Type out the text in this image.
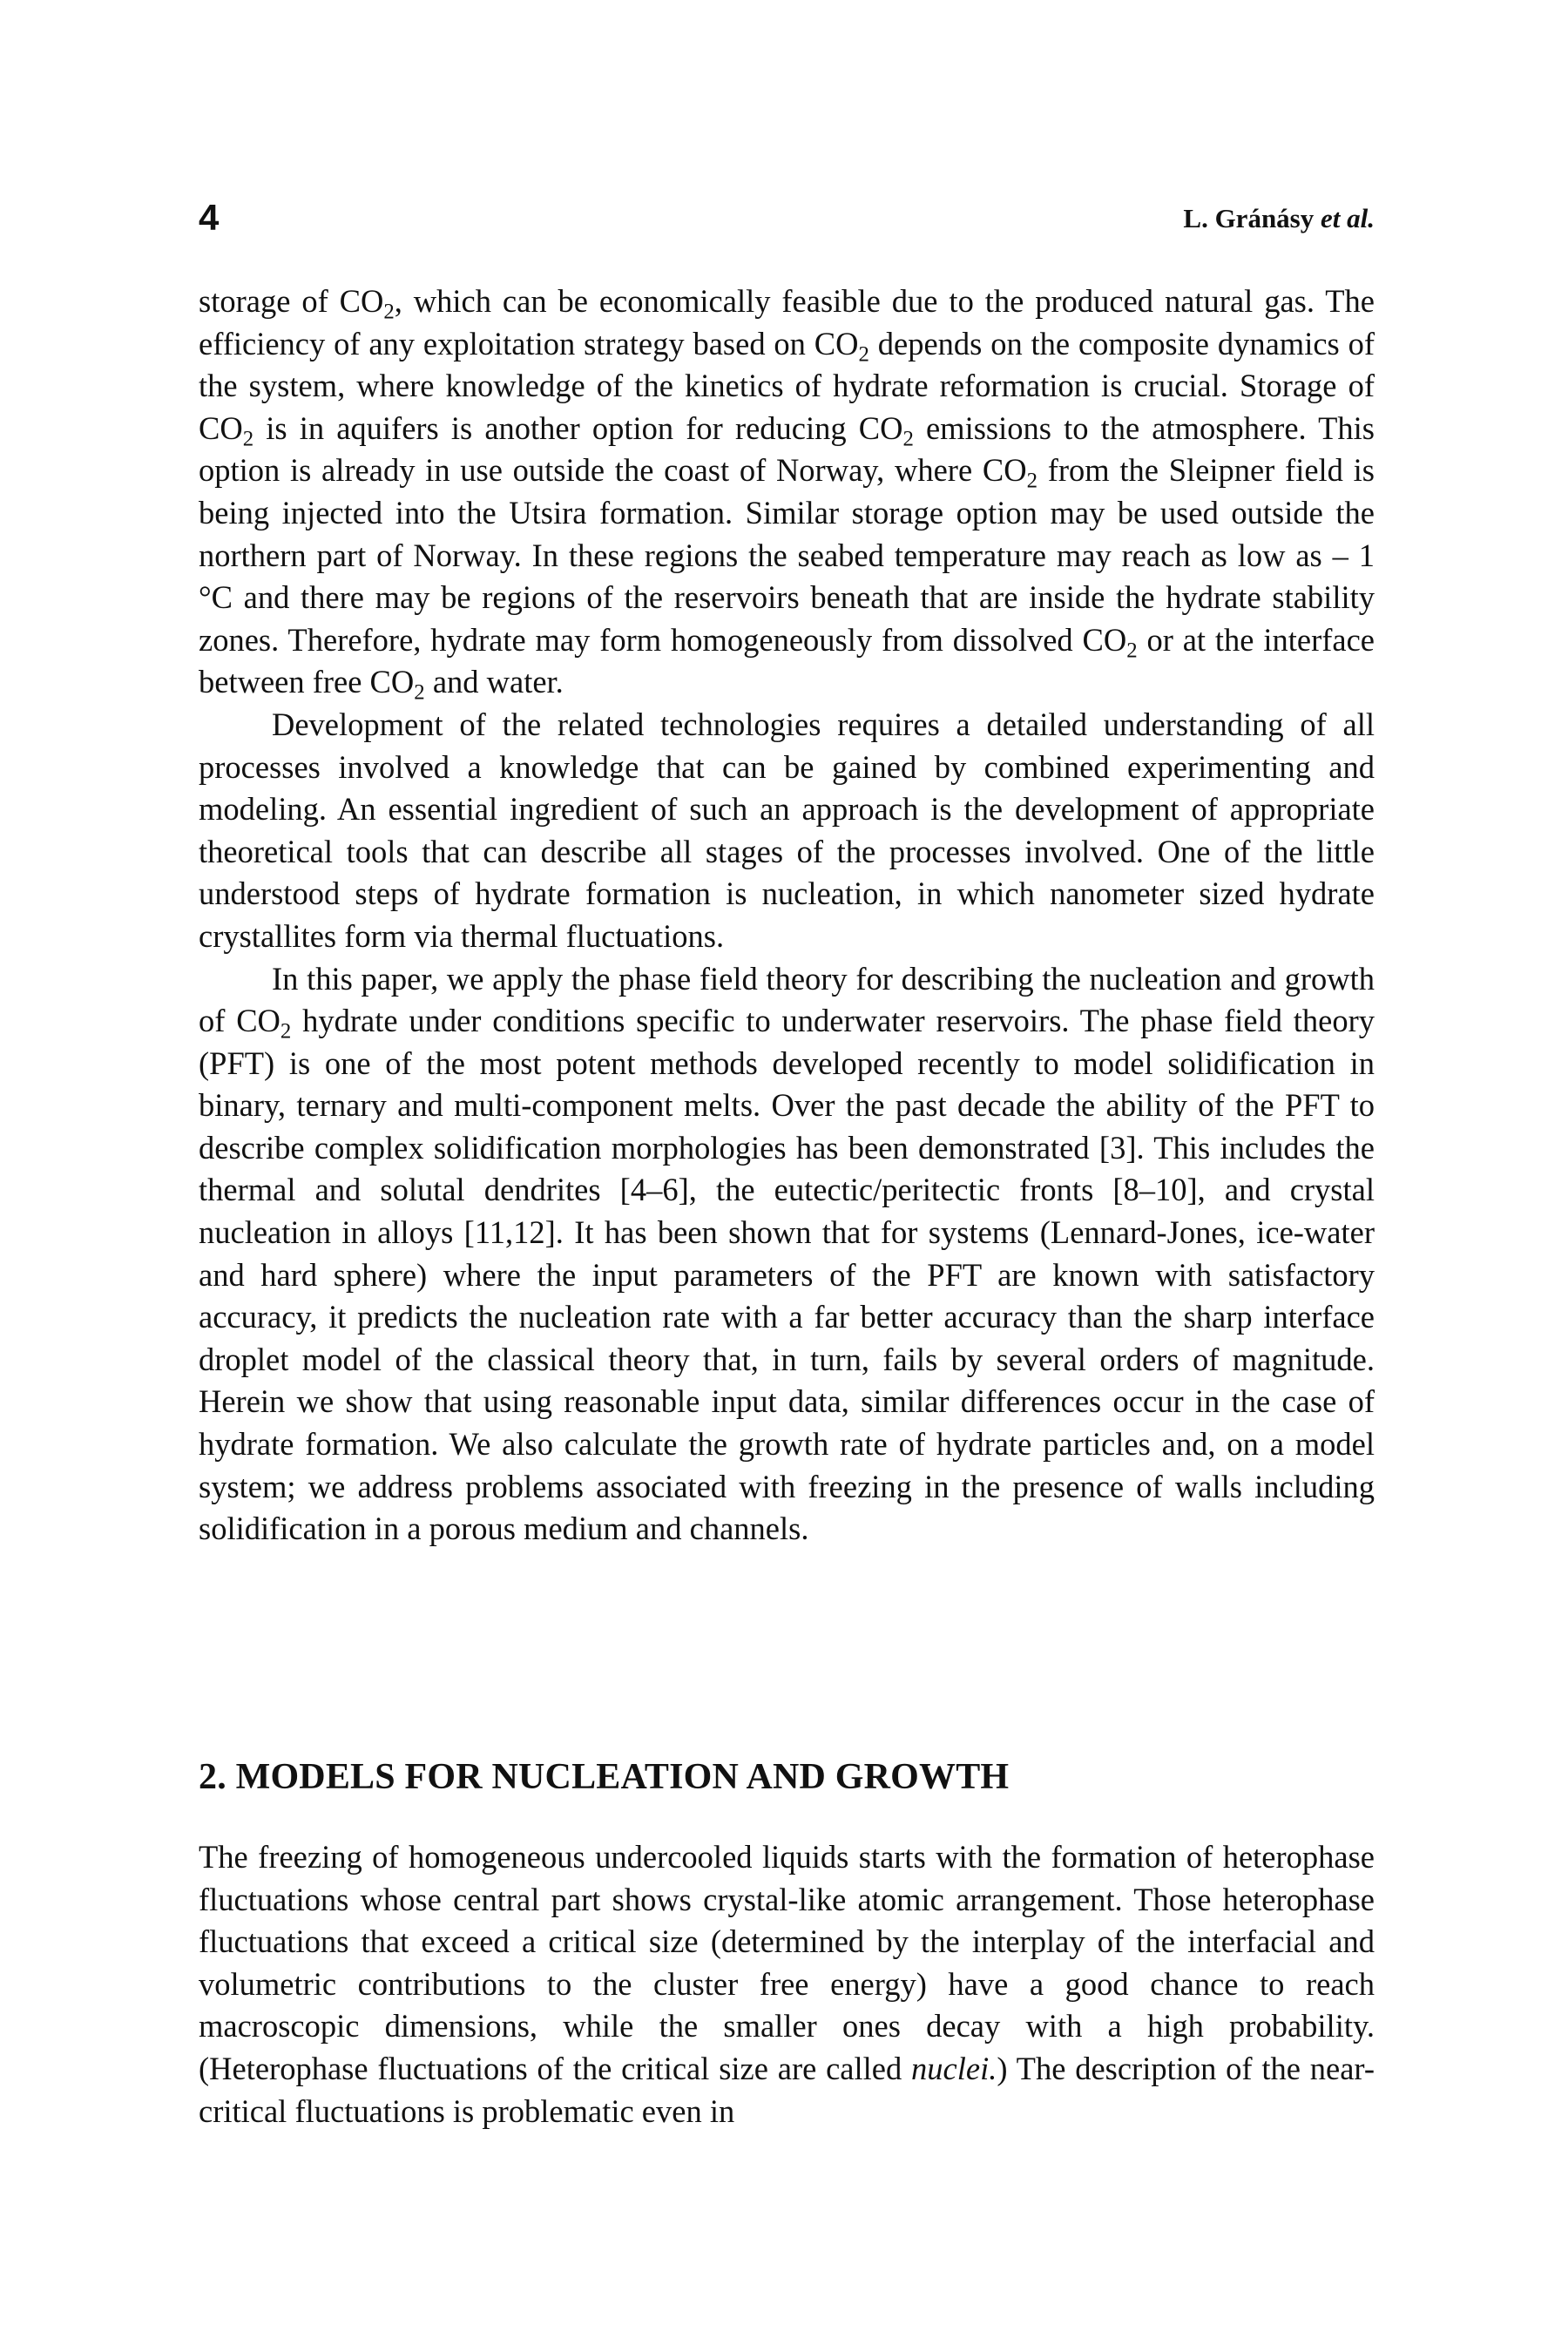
4	L. Gránásy et al.

storage of $CO_2$, which can be economically feasible due to the produced natural gas. The efficiency of any exploitation strategy based on $CO_2$ depends on the composite dynamics of the system, where knowledge of the kinetics of hydrate reformation is crucial. Storage of $CO_2$ is in aquifers is another option for reducing $CO_2$ emissions to the atmosphere. This option is already in use outside the coast of Norway, where $CO_2$ from the Sleipner field is being injected into the Utsira formation. Similar storage option may be used outside the northern part of Norway. In these regions the seabed temperature may reach as low as – 1 °C and there may be regions of the reservoirs beneath that are inside the hydrate stability zones. Therefore, hydrate may form homogeneously from dissolved $CO_2$ or at the interface between free $CO_2$ and water.

Development of the related technologies requires a detailed understanding of all processes involved a knowledge that can be gained by combined experimenting and modeling. An essential ingredient of such an approach is the development of appropriate theoretical tools that can describe all stages of the processes involved. One of the little understood steps of hydrate formation is nucleation, in which nanometer sized hydrate crystallites form via thermal fluctuations.

In this paper, we apply the phase field theory for describing the nucleation and growth of $CO_2$ hydrate under conditions specific to underwater reservoirs. The phase field theory (PFT) is one of the most potent methods developed recently to model solidification in binary, ternary and multi-component melts. Over the past decade the ability of the PFT to describe complex solidification morphologies has been demonstrated [3]. This includes the thermal and solutal dendrites [4–6], the eutectic/peritectic fronts [8–10], and crystal nucleation in alloys [11,12]. It has been shown that for systems (Lennard-Jones, ice-water and hard sphere) where the input parameters of the PFT are known with satisfactory accuracy, it predicts the nucleation rate with a far better accuracy than the sharp interface droplet model of the classical theory that, in turn, fails by several orders of magnitude. Herein we show that using reasonable input data, similar differences occur in the case of hydrate formation. We also calculate the growth rate of hydrate particles and, on a model system; we address problems associated with freezing in the presence of walls including solidification in a porous medium and channels.

2. MODELS FOR NUCLEATION AND GROWTH

The freezing of homogeneous undercooled liquids starts with the formation of heterophase fluctuations whose central part shows crystal-like atomic arrangement. Those heterophase fluctuations that exceed a critical size (determined by the interplay of the interfacial and volumetric contributions to the cluster free energy) have a good chance to reach macroscopic dimensions, while the smaller ones decay with a high probability. (Heterophase fluctuations of the critical size are called nuclei.) The description of the near-critical fluctuations is problematic even in
